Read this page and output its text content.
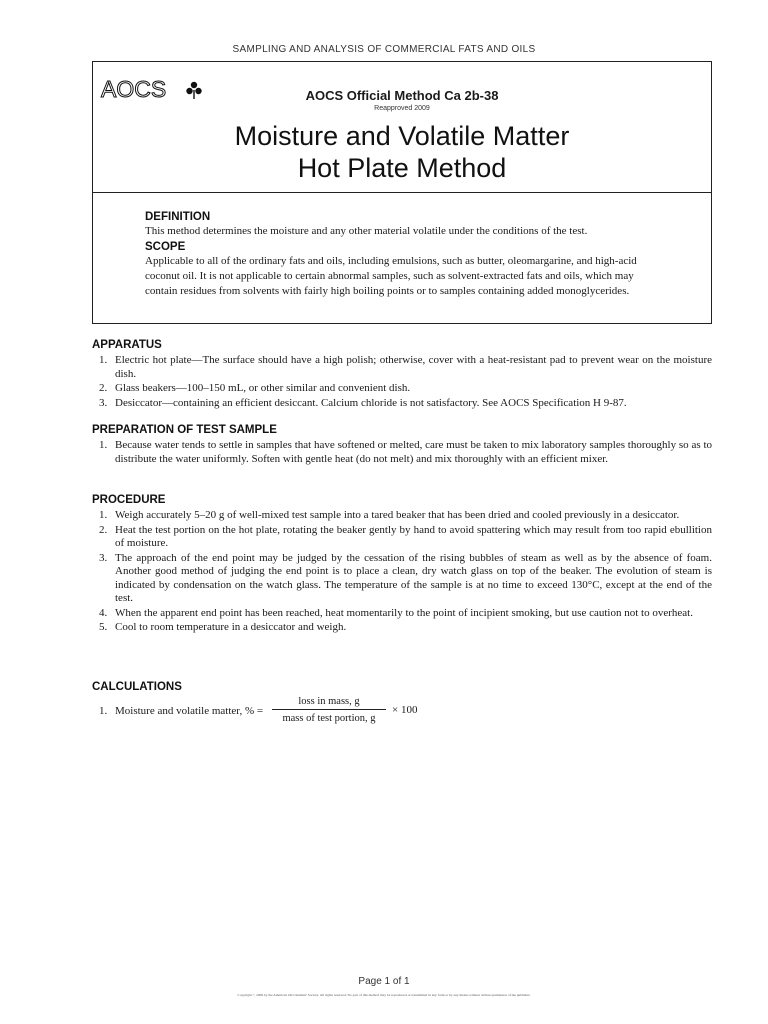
SAMPLING AND ANALYSIS OF COMMERCIAL FATS AND OILS
AOCS	AOCS Official Method Ca 2b-38
Reapproved 2009
Moisture and Volatile Matter
Hot Plate Method
DEFINITION

This method determines the moisture and any other material volatile under the conditions of the test.

SCOPE

Applicable to all of the ordinary fats and oils, including emulsions, such as butter, oleomargarine, and high-acid coconut oil. It is not applicable to certain abnormal samples, such as solvent-extracted fats and oils, which may contain residues from solvents with fairly high boiling points or to samples containing added monoglycerides.

APPARATUS
1. Electric hot plate—The surface should have a high polish; otherwise, cover with a heat-resistant pad to prevent wear on the moisture dish.
2. Glass beakers—100–150 mL, or other similar and convenient dish.
3. Desiccator—containing an efficient desiccant. Calcium chloride is not satisfactory. See AOCS Specification H 9-87.
PREPARATION OF TEST SAMPLE
1. Because water tends to settle in samples that have softened or melted, care must be taken to mix laboratory samples thoroughly so as to distribute the water uniformly. Soften with gentle heat (do not melt) and mix thoroughly with an efficient mixer.
PROCEDURE
1. Weigh accurately 5–20 g of well-mixed test sample into a tared beaker that has been dried and cooled previously in a desiccator.
2. Heat the test portion on the hot plate, rotating the beaker gently by hand to avoid spattering which may result from too rapid ebullition of moisture.
3. The approach of the end point may be judged by the cessation of the rising bubbles of steam as well as by the absence of foam. Another good method of judging the end point is to place a clean, dry watch glass on top of the beaker. The evolution of steam is indicated by condensation on the watch glass. The temperature of the sample is at no time to exceed 130°C, except at the end of the test.
4. When the apparent end point has been reached, heat momentarily to the point of incipient smoking, but use caution not to overheat.
5. Cool to room temperature in a desiccator and weigh.
CALCULATIONS
1. Moisture and volatile matter, % =
loss in mass, g
mass of test portion, g
× 100
Page 1 of 1
Copyright © 2009 by the American Oil Chemists' Society. All rights reserved. No part of this method may be reproduced or transmitted in any form or by any means without written permission of the publisher.
